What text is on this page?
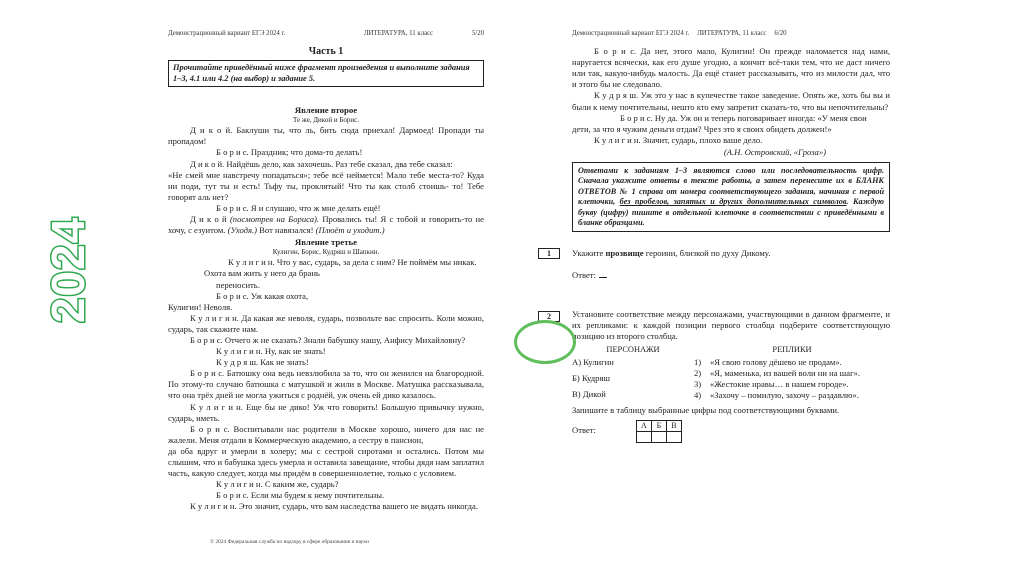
2024
Демонстрационный вариант ЕГЭ 2024 г.	ЛИТЕРАТУРА, 11 класс	5/20
Часть 1
Прочитайте приведённый ниже фрагмент произведения и выполните задания 1–3, 4.1 или 4.2 (на выбор) и задание 5.
Явление второе
Те же, Дикой и Борис.
Д и к о й. Баклуши ты, что ль, бить сюда приехал! Дармоед! Пропади ты пропадом!
Б о р и с. Праздник; что дома-то делать!
Д и к о й. Найдёшь дело, как захочешь. Раз тебе сказал, два тебе сказал:
«Не смей мне навстречу попадаться»; тебе всё неймется! Мало тебе места-то? Куда ни поди, тут ты и есть! Тьфу ты, проклятый! Что ты как столб стоишь- то! Тебе говорят аль нет?
Б о р и с. Я и слушаю, что ж мне делать ещё!
Д и к о й (посмотрев на Бориса). Провались ты! Я с тобой и говорить-то не хочу, с езуитом. (Уходя.) Вот навязался! (Плюёт и уходит.)
Явление третье
Кулигин, Борис, Кудряш и Шапкин.
К у л и г и н. Что у вас, сударь, за дела с ним? Не поймём мы никак.
Охота вам жить у него да брань
переносить.
Б о р и с. Уж какая охота,
Кулигин! Неволя.
К у л и г и н. Да какая же неволя, сударь, позвольте вас спросить. Коли можно, сударь, так скажите нам.
Б о р и с. Отчего ж не сказать? Знали бабушку нашу, Анфису Михайловну?
К у л и г и н. Ну, как не знать!
К у д р я ш. Как не знать!
Б о р и с. Батюшку она ведь невзлюбила за то, что он женился на благородной. По этому-то случаю батюшка с матушкой и жили в Москве. Матушка рассказывала, что она трёх дней не могла ужиться с роднёй, уж очень ей дико казалось.
К у л и г и н. Еще бы не дико! Уж что говорить! Большую привычку нужно, сударь, иметь.
Б о р и с. Воспитывали нас родители в Москве хорошо, ничего для нас не жалели. Меня отдали в Коммерческую академию, а сестру в пансион,
да оба вдруг и умерли в холеру; мы с сестрой сиротами и остались. Потом мы слышим, что и бабушка здесь умерла и оставила завещание, чтобы дядя нам заплатил часть, какую следует, когда мы придём в совершеннолетие, только с условием.
К у л и г и н. С каким же, сударь?
Б о р и с. Если мы будем к нему почтительны.
К у л и г и н. Это значит, сударь, что вам наследства вашего не видать никогда.
© 2024 Федеральная служба по надзору в сфере образования и науки
Демонстрационный вариант ЕГЭ 2024 г. ЛИТЕРАТУРА, 11 класс 6/20
Б о р и с. Да нет, этого мало, Кулигин! Он прежде наломается над нами, наругается всячески, как его душе угодно, а кончит всё-таки тем, что не даст ничего или так, какую-нибудь малость. Да ещё станет рассказывать, что из милости дал, что и этого бы не следовало.
К у д р я ш. Уж это у нас в купечестве такое заведение. Опять же, хоть бы вы и были к нему почтительны, нешто кто ему запретит сказать-то, что вы непочтительны?
Б о р и с. Ну да. Уж он и теперь поговаривает иногда: «У меня свои
дети, за что я чужим деньги отдам? Чрез это я своих обидеть должен!»
К у л и г и н. Значит, сударь, плохо ваше дело.
(А.Н. Островский, «Гроза»)
Ответами к заданиям 1–3 являются слово или последовательность цифр. Сначала укажите ответы в тексте работы, а затем перенесите их в БЛАНК ОТВЕТОВ № 1 справа от номера соответствующего задания, начиная с первой клеточки, без пробелов, запятых и других дополнительных символов. Каждую букву (цифру) пишите в отдельной клеточке в соответствии с приведёнными в бланке образцами.
1	Укажите прозвище героини, близкой по духу Дикому.
Ответ:
2	Установите соответствие между персонажами, участвующими в данном фрагменте, и их репликами: к каждой позиции первого столбца подберите соответствующую позицию из второго столбца.
ПЕРСОНАЖИ
А) Кулигин
Б) Кудряш
В) Дикой
РЕПЛИКИ
1)	«Я свою голову дёшево не продам».
2)	«Я, маменька, из вашей воли ни на шаг».
3)	«Жестокие нравы… в нашем городе».
4)	«Захочу – помилую, захочу – раздавлю».
Запишите в таблицу выбранные цифры под соответствующими буквами.
Ответ:	А	Б	В
